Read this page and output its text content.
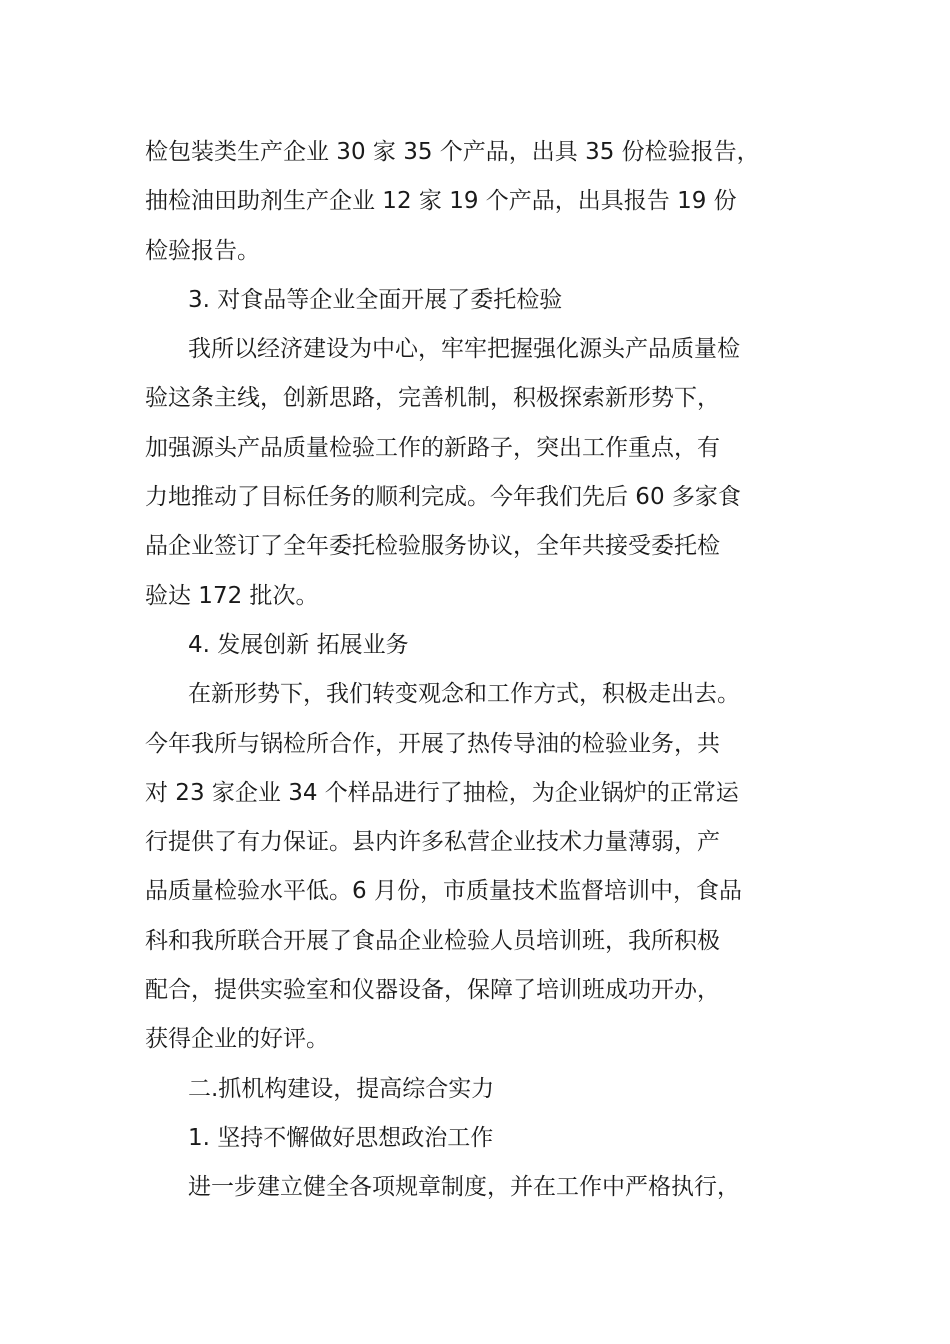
检包装类生产企业 30 家 35 个产品，出具 35 份检验报告，
抽检油田助剂生产企业 12 家 19 个产品，出具报告 19 份
检验报告。
3. 对食品等企业全面开展了委托检验
我所以经济建设为中心，牢牢把握强化源头产品质量检
验这条主线，创新思路，完善机制，积极探索新形势下，
加强源头产品质量检验工作的新路子，突出工作重点，有
力地推动了目标任务的顺利完成。今年我们先后 60 多家食
品企业签订了全年委托检验服务协议，全年共接受委托检
验达 172 批次。
4. 发展创新 拓展业务
在新形势下，我们转变观念和工作方式，积极走出去。
今年我所与锅检所合作，开展了热传导油的检验业务，共
对 23 家企业 34 个样品进行了抽检，为企业锅炉的正常运
行提供了有力保证。县内许多私营企业技术力量薄弱，产
品质量检验水平低。6 月份，市质量技术监督培训中，食品
科和我所联合开展了食品企业检验人员培训班，我所积极
配合，提供实验室和仪器设备，保障了培训班成功开办，
获得企业的好评。
二.抓机构建设，提高综合实力
1. 坚持不懈做好思想政治工作
进一步建立健全各项规章制度，并在工作中严格执行，
